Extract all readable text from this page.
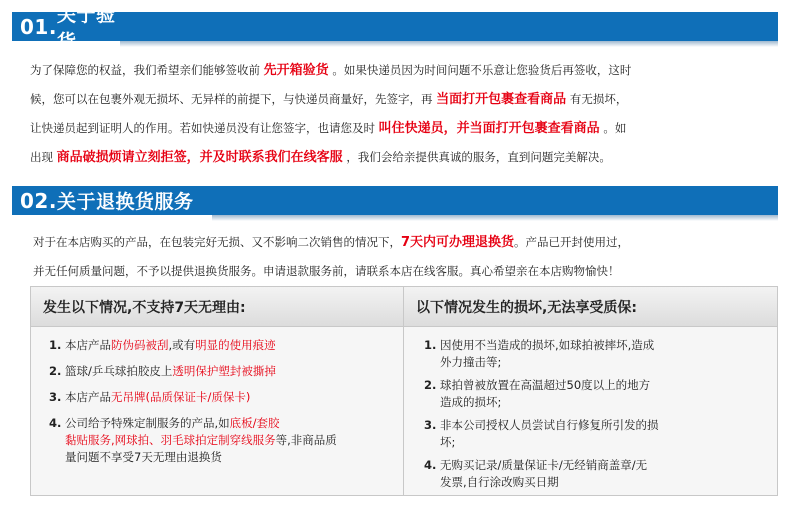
01. 关于验货

为了保障您的权益，我们希望亲们能够签收前 先开箱验货 。如果快递员因为时间问题不乐意让您验货后再签收，这时

候，您可以在包裹外观无损坏、无异样的前提下，与快递员商量好，先签字，再 当面打开包裹查看商品 有无损坏，

让快递员起到证明人的作用。若如快递员没有让您签字，也请您及时 叫住快递员，并当面打开包裹查看商品 。如

出现 商品破损烦请立刻拒签，并及时联系我们在线客服 ，我们会给亲提供真诚的服务，直到问题完美解决。

02. 关于退换货服务

对于在本店购买的产品，在包装完好无损、又不影响二次销售的情况下，7天内可办理退换货。产品已开封使用过，

并无任何质量问题，不予以提供退换货服务。申请退款服务前，请联系本店在线客服。真心希望亲在本店购物愉快！

发生以下情况,不支持7天无理由:
1. 本店产品防伪码被刮,或有明显的使用痕迹
2. 篮球/乒乓球拍胶皮上透明保护塑封被撕掉
3. 本店产品无吊牌(品质保证卡/质保卡)
4. 公司给予特殊定制服务的产品,如底板/套胶
黏贴服务,网球拍、羽毛球拍定制穿线服务等,非商品质
量问题不享受7天无理由退换货
以下情况发生的损坏,无法享受质保:
1. 因使用不当造成的损坏,如球拍被摔坏,造成
外力撞击等;
2. 球拍曾被放置在高温超过50度以上的地方
造成的损坏;
3. 非本公司授权人员尝试自行修复所引发的损
坏;
4. 无购买记录/质量保证卡/无经销商盖章/无
发票,自行涂改购买日期
